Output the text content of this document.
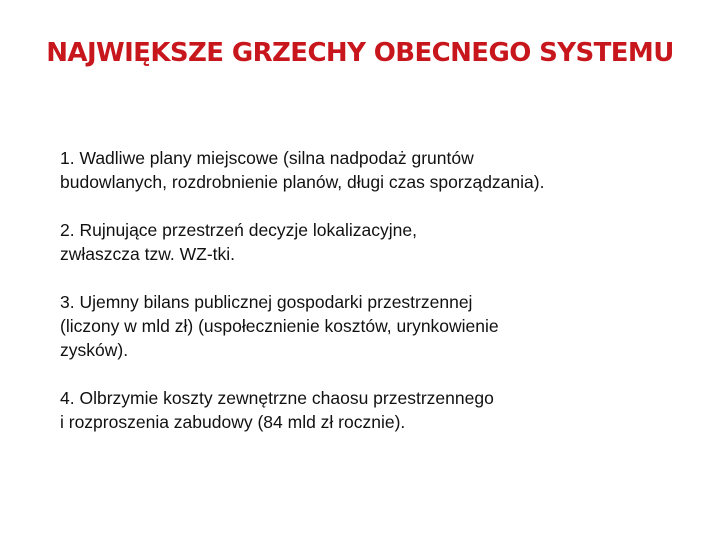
NAJWIĘKSZE GRZECHY OBECNEGO SYSTEMU
1. Wadliwe plany miejscowe (silna nadpodaż gruntów
budowlanych, rozdrobnienie planów, długi czas sporządzania).
2. Rujnujące przestrzeń decyzje lokalizacyjne,
zwłaszcza tzw. WZ-tki.
3. Ujemny bilans publicznej gospodarki przestrzennej
(liczony w mld zł) (uspołecznienie kosztów, urynkowienie
zysków).
4. Olbrzymie koszty zewnętrzne chaosu przestrzennego
i rozproszenia zabudowy (84 mld zł rocznie).
